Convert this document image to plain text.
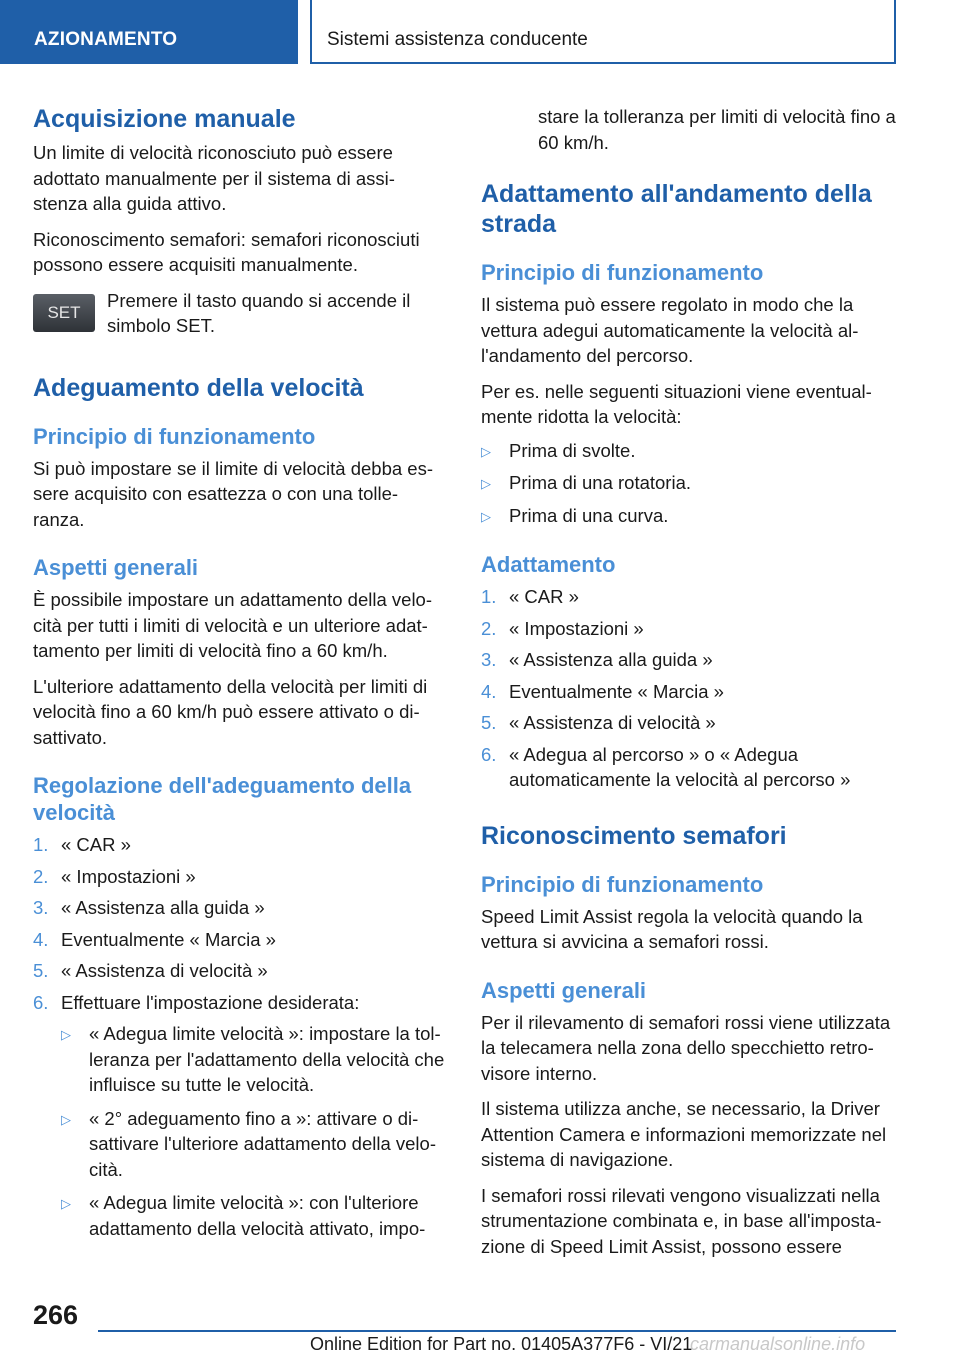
AZIONAMENTO	Sistemi assistenza conducente
Acquisizione manuale

Un limite di velocità riconosciuto può essere adottato manualmente per il sistema di assi-stenza alla guida attivo.

Riconoscimento semafori: semafori riconosciuti possono essere acquisiti manualmente.

SET

Premere il tasto quando si accende il simbolo SET.

Adeguamento della velocità
Principio di funzionamento

Si può impostare se il limite di velocità debba es-sere acquisito con esattezza o con una tolle-ranza.

Aspetti generali

È possibile impostare un adattamento della velo-cità per tutti i limiti di velocità e un ulteriore adat-tamento per limiti di velocità fino a 60 km/h.

L'ulteriore adattamento della velocità per limiti di velocità fino a 60 km/h può essere attivato o di-sattivato.

Regolazione dell'adeguamento della velocità
1. « CAR »
2. « Impostazioni »
3. « Assistenza alla guida »
4. Eventualmente « Marcia »
5. « Assistenza di velocità »
6. Effettuare l'impostazione desiderata:
▷ « Adegua limite velocità »: impostare la tol-leranza per l'adattamento della velocità che influisce su tutte le velocità.
▷ « 2° adeguamento fino a »: attivare o di-sattivare l'ulteriore adattamento della velo-cità.
▷ « Adegua limite velocità »: con l'ulteriore adattamento della velocità attivato, impo-

stare la tolleranza per limiti di velocità fino a 60 km/h.

Adattamento all'andamento della strada
Principio di funzionamento

Il sistema può essere regolato in modo che la vettura adegui automaticamente la velocità al-l'andamento del percorso.

Per es. nelle seguenti situazioni viene eventual-mente ridotta la velocità:

▷ Prima di svolte.
▷ Prima di una rotatoria.
▷ Prima di una curva.
Adattamento
1. « CAR »
2. « Impostazioni »
3. « Assistenza alla guida »
4. Eventualmente « Marcia »
5. « Assistenza di velocità »
6. « Adegua al percorso » o « Adegua automaticamente la velocità al percorso »
Riconoscimento semafori
Principio di funzionamento

Speed Limit Assist regola la velocità quando la vettura si avvicina a semafori rossi.

Aspetti generali

Per il rilevamento di semafori rossi viene utilizzata la telecamera nella zona dello specchietto retro-visore interno.

Il sistema utilizza anche, se necessario, la Driver Attention Camera e informazioni memorizzate nel sistema di navigazione.

I semafori rossi rilevati vengono visualizzati nella strumentazione combinata e, in base all'imposta-zione di Speed Limit Assist, possono essere

266
Online Edition for Part no. 01405A377F6 - VI/21
carmanualsonline.info
